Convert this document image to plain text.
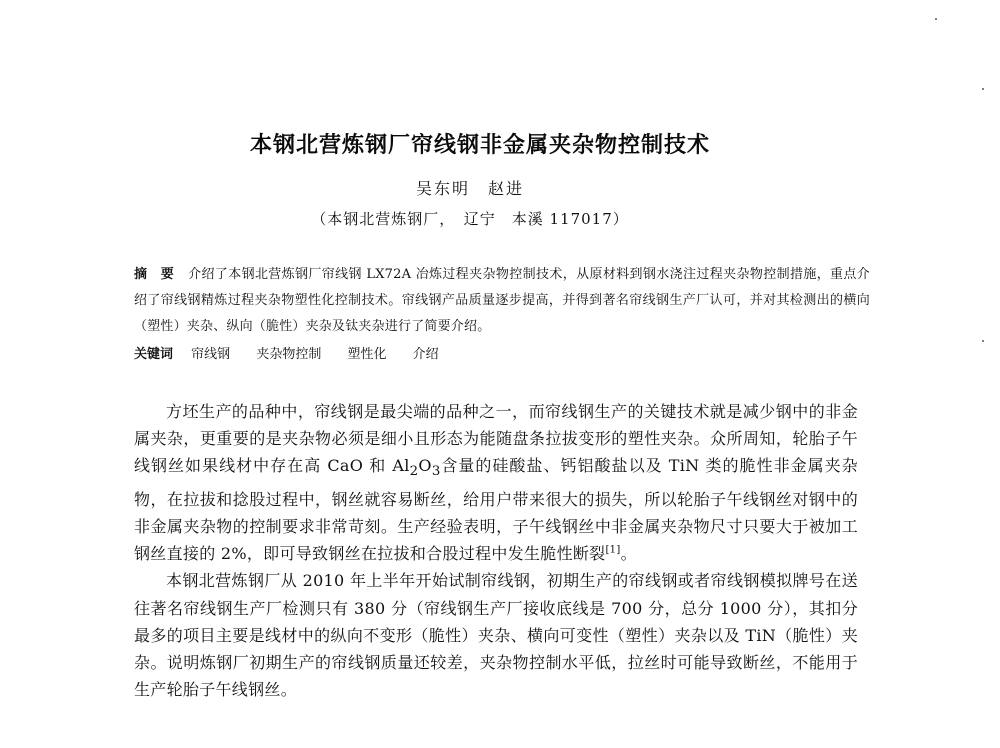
本钢北营炼钢厂帘线钢非金属夹杂物控制技术
吴东明　赵进
（本钢北营炼钢厂，　辽宁　本溪 117017）
摘　要 介绍了本钢北营炼钢厂帘线钢 LX72A 冶炼过程夹杂物控制技术，从原材料到钢水浇注过程夹杂物控制措施，重点介绍了帘线钢精炼过程夹杂物塑性化控制技术。帘线钢产品质量逐步提高，并得到著名帘线钢生产厂认可，并对其检测出的横向（塑性）夹杂、纵向（脆性）夹杂及钛夹杂进行了简要介绍。
关键词 帘线钢 夹杂物控制 塑性化 介绍

方坯生产的品种中，帘线钢是最尖端的品种之一，而帘线钢生产的关键技术就是减少钢中的非金属夹杂，更重要的是夹杂物必须是细小且形态为能随盘条拉拔变形的塑性夹杂。众所周知，轮胎子午线钢丝如果线材中存在高 CaO 和 $Al_2O_3$含量的硅酸盐、钙铝酸盐以及 TiN 类的脆性非金属夹杂物，在拉拔和捻股过程中，钢丝就容易断丝，给用户带来很大的损失，所以轮胎子午线钢丝对钢中的非金属夹杂物的控制要求非常苛刻。生产经验表明，子午线钢丝中非金属夹杂物尺寸只要大于被加工钢丝直接的 2%，即可导致钢丝在拉拔和合股过程中发生脆性断裂[1]。

本钢北营炼钢厂从 2010 年上半年开始试制帘线钢，初期生产的帘线钢或者帘线钢模拟牌号在送往著名帘线钢生产厂检测只有 380 分（帘线钢生产厂接收底线是 700 分，总分 1000 分），其扣分最多的项目主要是线材中的纵向不变形（脆性）夹杂、横向可变性（塑性）夹杂以及 TiN（脆性）夹杂。说明炼钢厂初期生产的帘线钢质量还较差，夹杂物控制水平低，拉丝时可能导致断丝，不能用于生产轮胎子午线钢丝。
